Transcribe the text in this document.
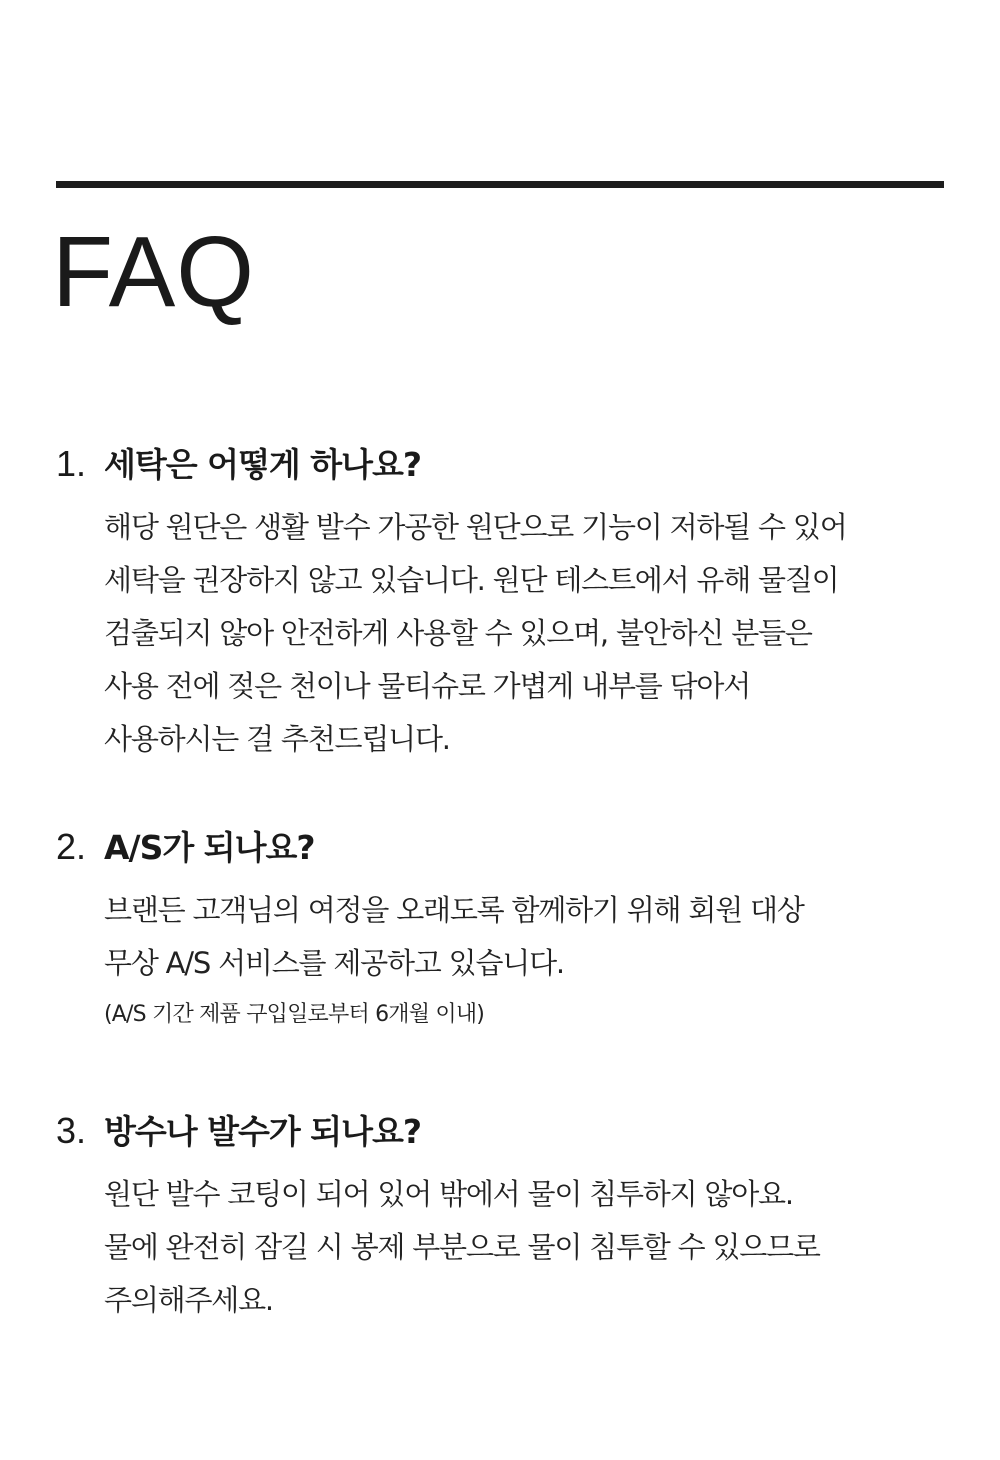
FAQ
1. 세탁은 어떻게 하나요?
해당 원단은 생활 발수 가공한 원단으로 기능이 저하될 수 있어
세탁을 권장하지 않고 있습니다. 원단 테스트에서 유해 물질이
검출되지 않아 안전하게 사용할 수 있으며, 불안하신 분들은
사용 전에 젖은 천이나 물티슈로 가볍게 내부를 닦아서
사용하시는 걸 추천드립니다.
2. A/S가 되나요?
브랜든 고객님의 여정을 오래도록 함께하기 위해 회원 대상
무상 A/S 서비스를 제공하고 있습니다.
(A/S 기간 제품 구입일로부터 6개월 이내)
3. 방수나 발수가 되나요?
원단 발수 코팅이 되어 있어 밖에서 물이 침투하지 않아요.
물에 완전히 잠길 시 봉제 부분으로 물이 침투할 수 있으므로
주의해주세요.
